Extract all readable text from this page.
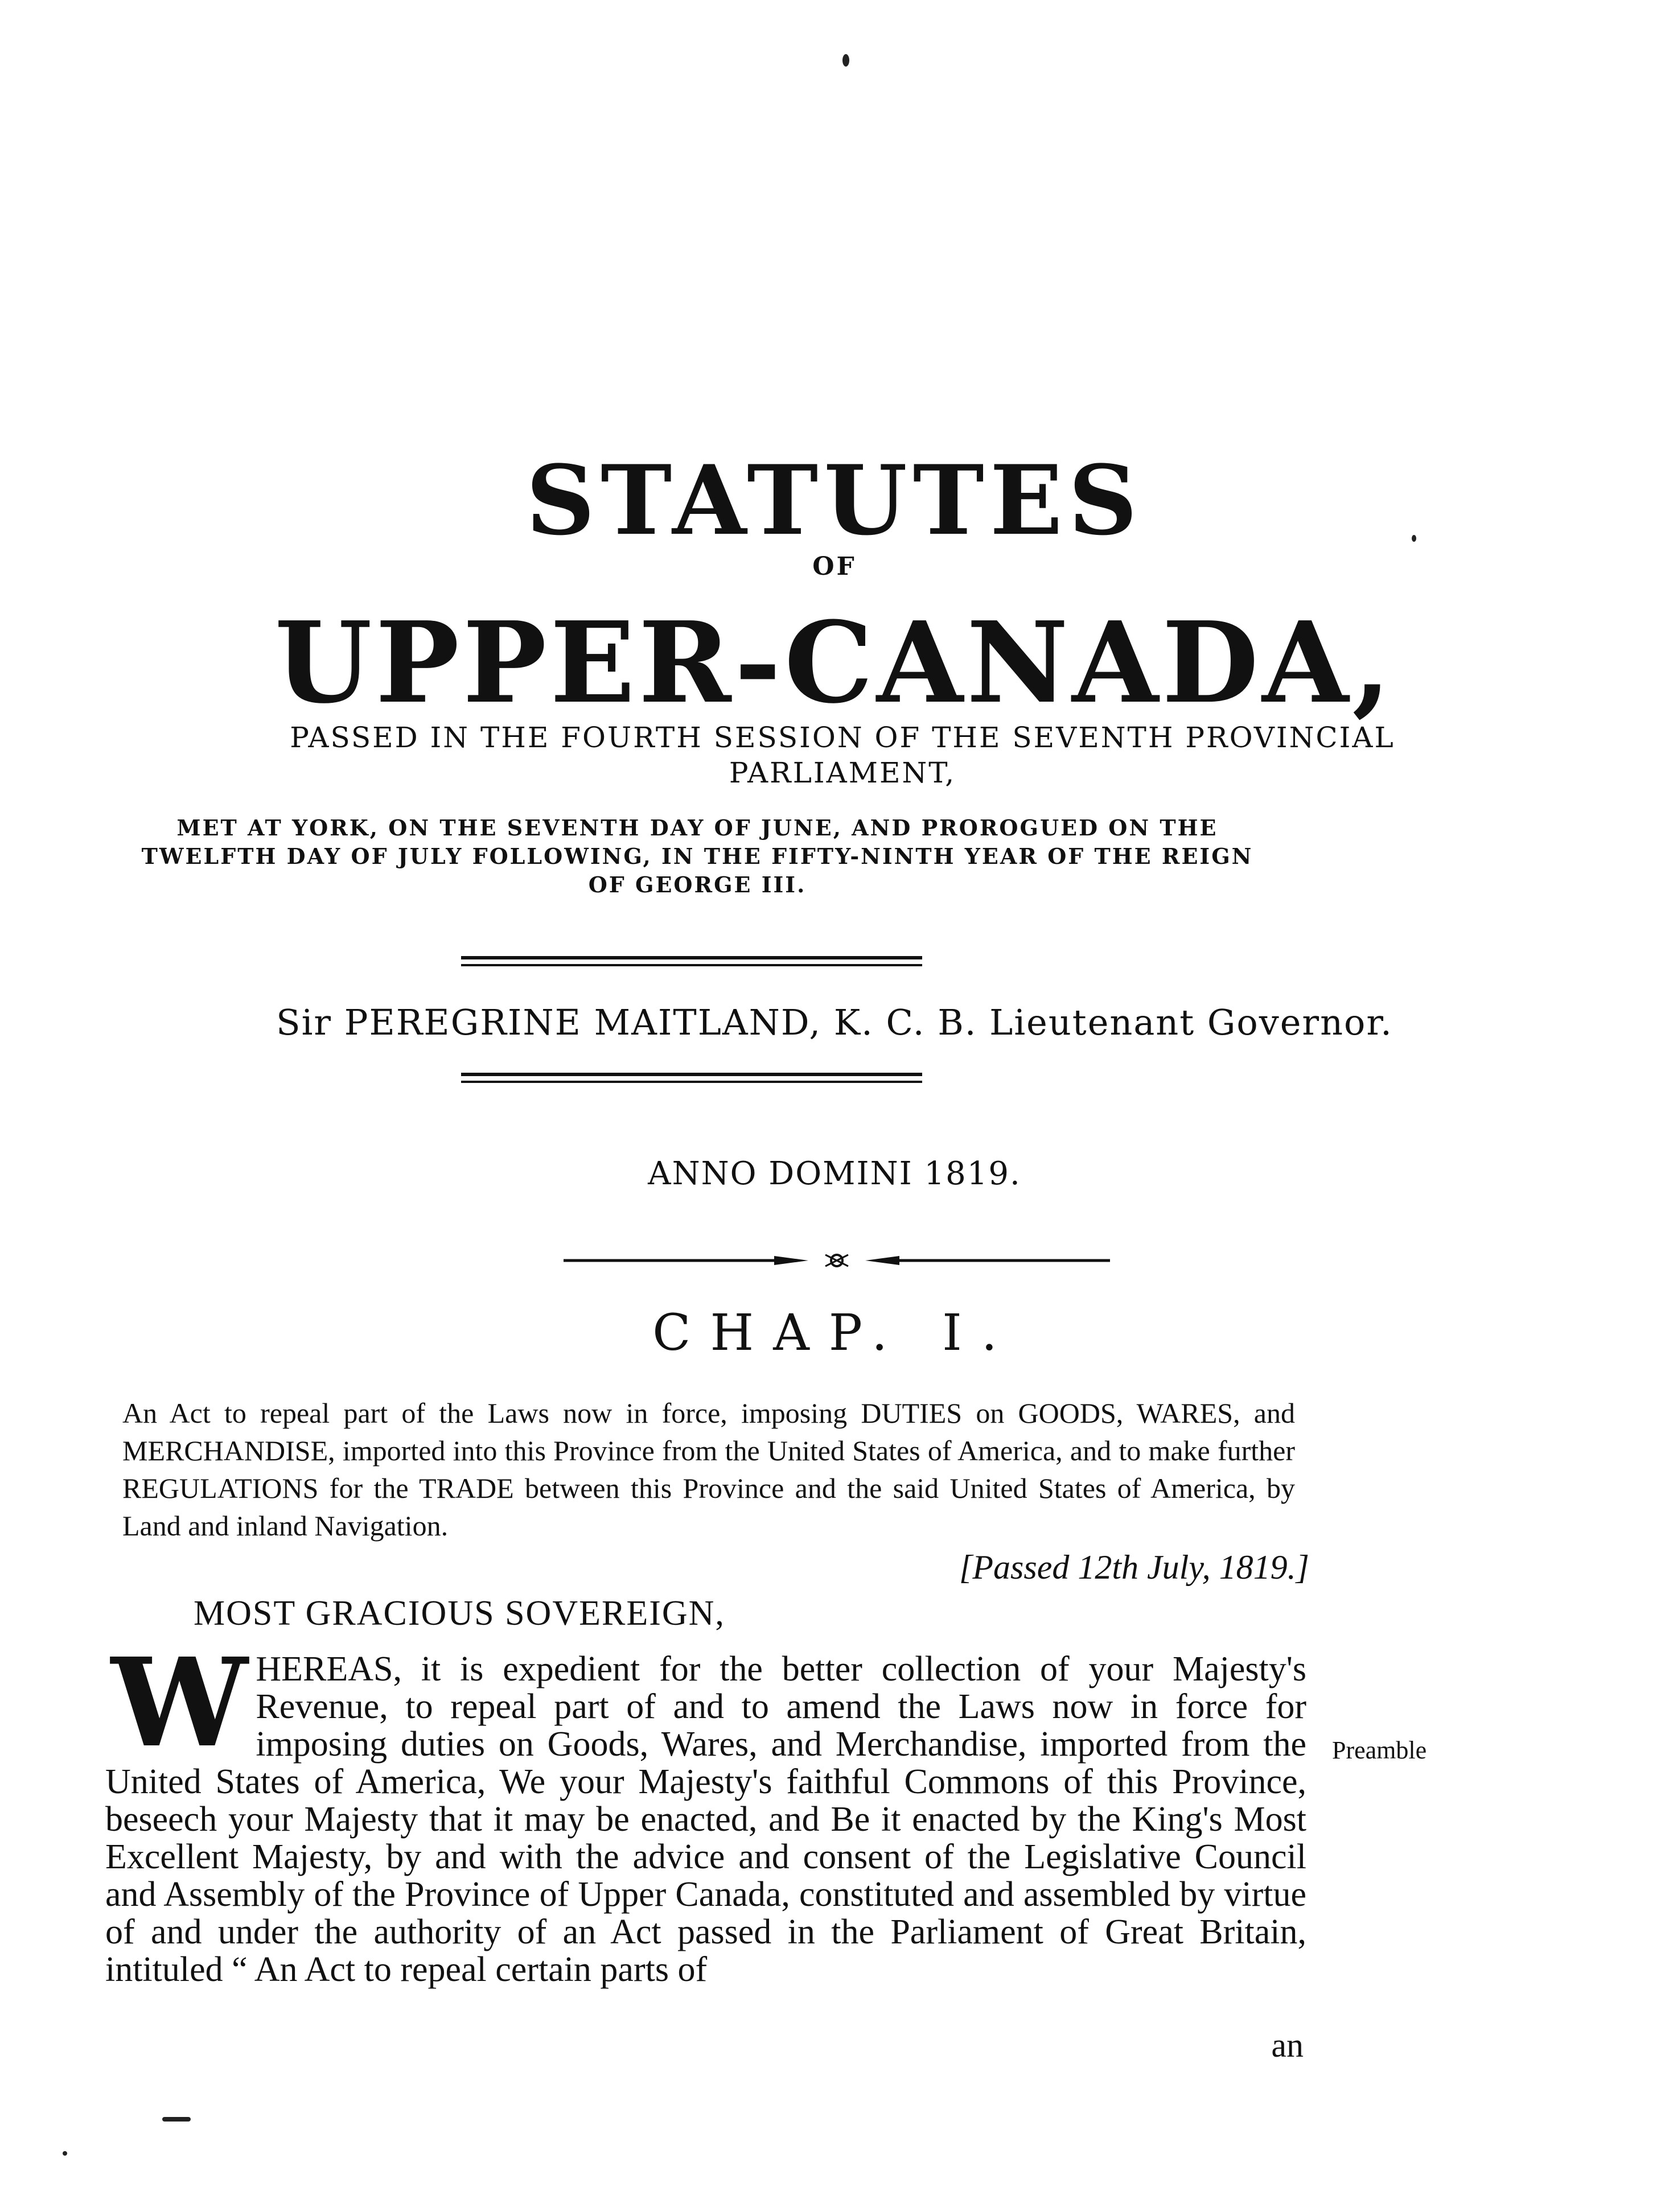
STATUTES
OF
UPPER-CANADA,
PASSED IN THE FOURTH SESSION OF THE SEVENTH PROVINCIAL PARLIAMENT,
MET AT YORK, ON THE SEVENTH DAY OF JUNE, AND PROROGUED ON THE TWELFTH DAY OF JULY FOLLOWING, IN THE FIFTY-NINTH YEAR OF THE REIGN OF GEORGE III.
Sir PEREGRINE MAITLAND, K. C. B. Lieutenant Governor.
ANNO DOMINI 1819.
CHAP. I.
An Act to repeal part of the Laws now in force, imposing DUTIES on GOODS, WARES, and MERCHANDISE, imported into this Province from the United States of America, and to make further REGULATIONS for the TRADE between this Province and the said United States of America, by Land and inland Navigation.
[Passed 12th July, 1819.]
MOST GRACIOUS SOVEREIGN,
W HEREAS, it is expedient for the better collection of your Majesty's Revenue, to repeal part of and to amend the Laws now in force for imposing duties on Goods, Wares, and Merchandise, imported from the United States of America, We your Majesty's faithful Commons of this Province, beseech your Majesty that it may be enacted, and Be it enacted by the King's Most Excellent Majesty, by and with the advice and consent of the Legislative Council and Assembly of the Province of Upper Canada, constituted and assembled by virtue of and under the authority of an Act passed in the Parliament of Great Britain, intituled “ An Act to repeal certain parts of
Preamble
an
